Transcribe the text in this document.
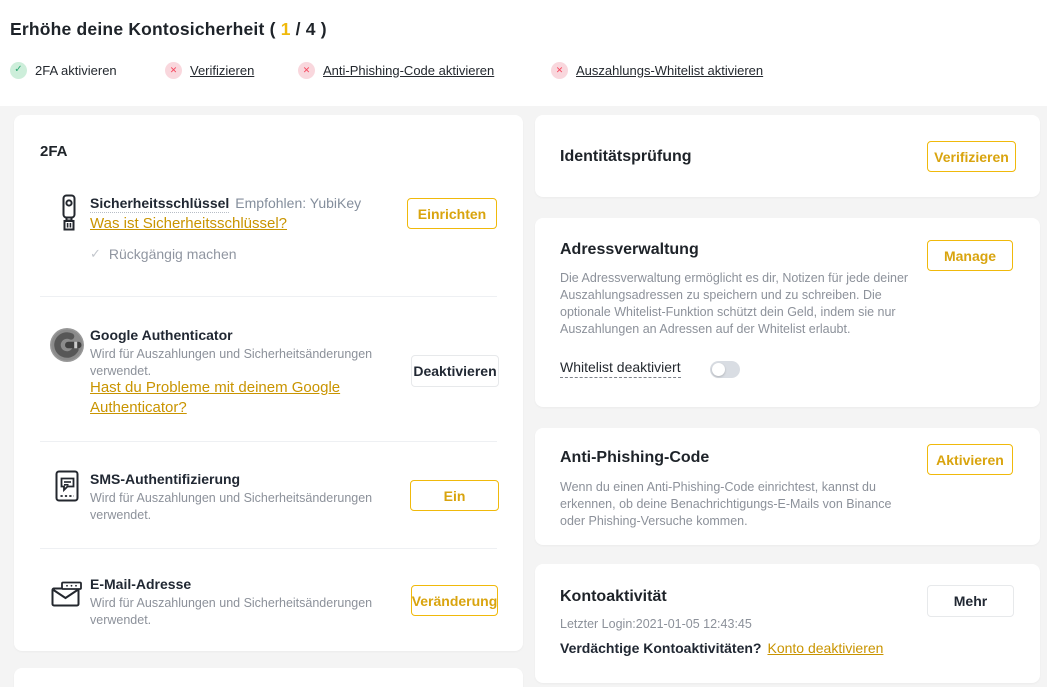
Erhöhe deine Kontosicherheit ( 1 / 4 )
✓ 2FA aktivieren	✕ Verifizieren	✕ Anti-Phishing-Code aktivieren	✕ Auszahlungs-Whitelist aktivieren
2FA
Sicherheitsschlüssel Empfohlen: YubiKey
Was ist Sicherheitsschlüssel?
Einrichten
✓ Rückgängig machen
Google Authenticator
Wird für Auszahlungen und Sicherheitsänderungen verwendet.
Hast du Probleme mit deinem Google Authenticator?
Deaktivieren
SMS-Authentifizierung
Wird für Auszahlungen und Sicherheitsänderungen verwendet.
Ein
E-Mail-Adresse
Wird für Auszahlungen und Sicherheitsänderungen verwendet.
Veränderung
Identitätsprüfung	Verifizieren
Adressverwaltung	Manage
Die Adressverwaltung ermöglicht es dir, Notizen für jede deiner Auszahlungsadressen zu speichern und zu schreiben. Die optionale Whitelist-Funktion schützt dein Geld, indem sie nur Auszahlungen an Adressen auf der Whitelist erlaubt.
Whitelist deaktiviert
Anti-Phishing-Code	Aktivieren
Wenn du einen Anti-Phishing-Code einrichtest, kannst du erkennen, ob deine Benachrichtigungs-E-Mails von Binance oder Phishing-Versuche kommen.
Kontoaktivität	Mehr
Letzter Login:2021-01-05 12:43:45
Verdächtige Kontoaktivitäten? Konto deaktivieren
